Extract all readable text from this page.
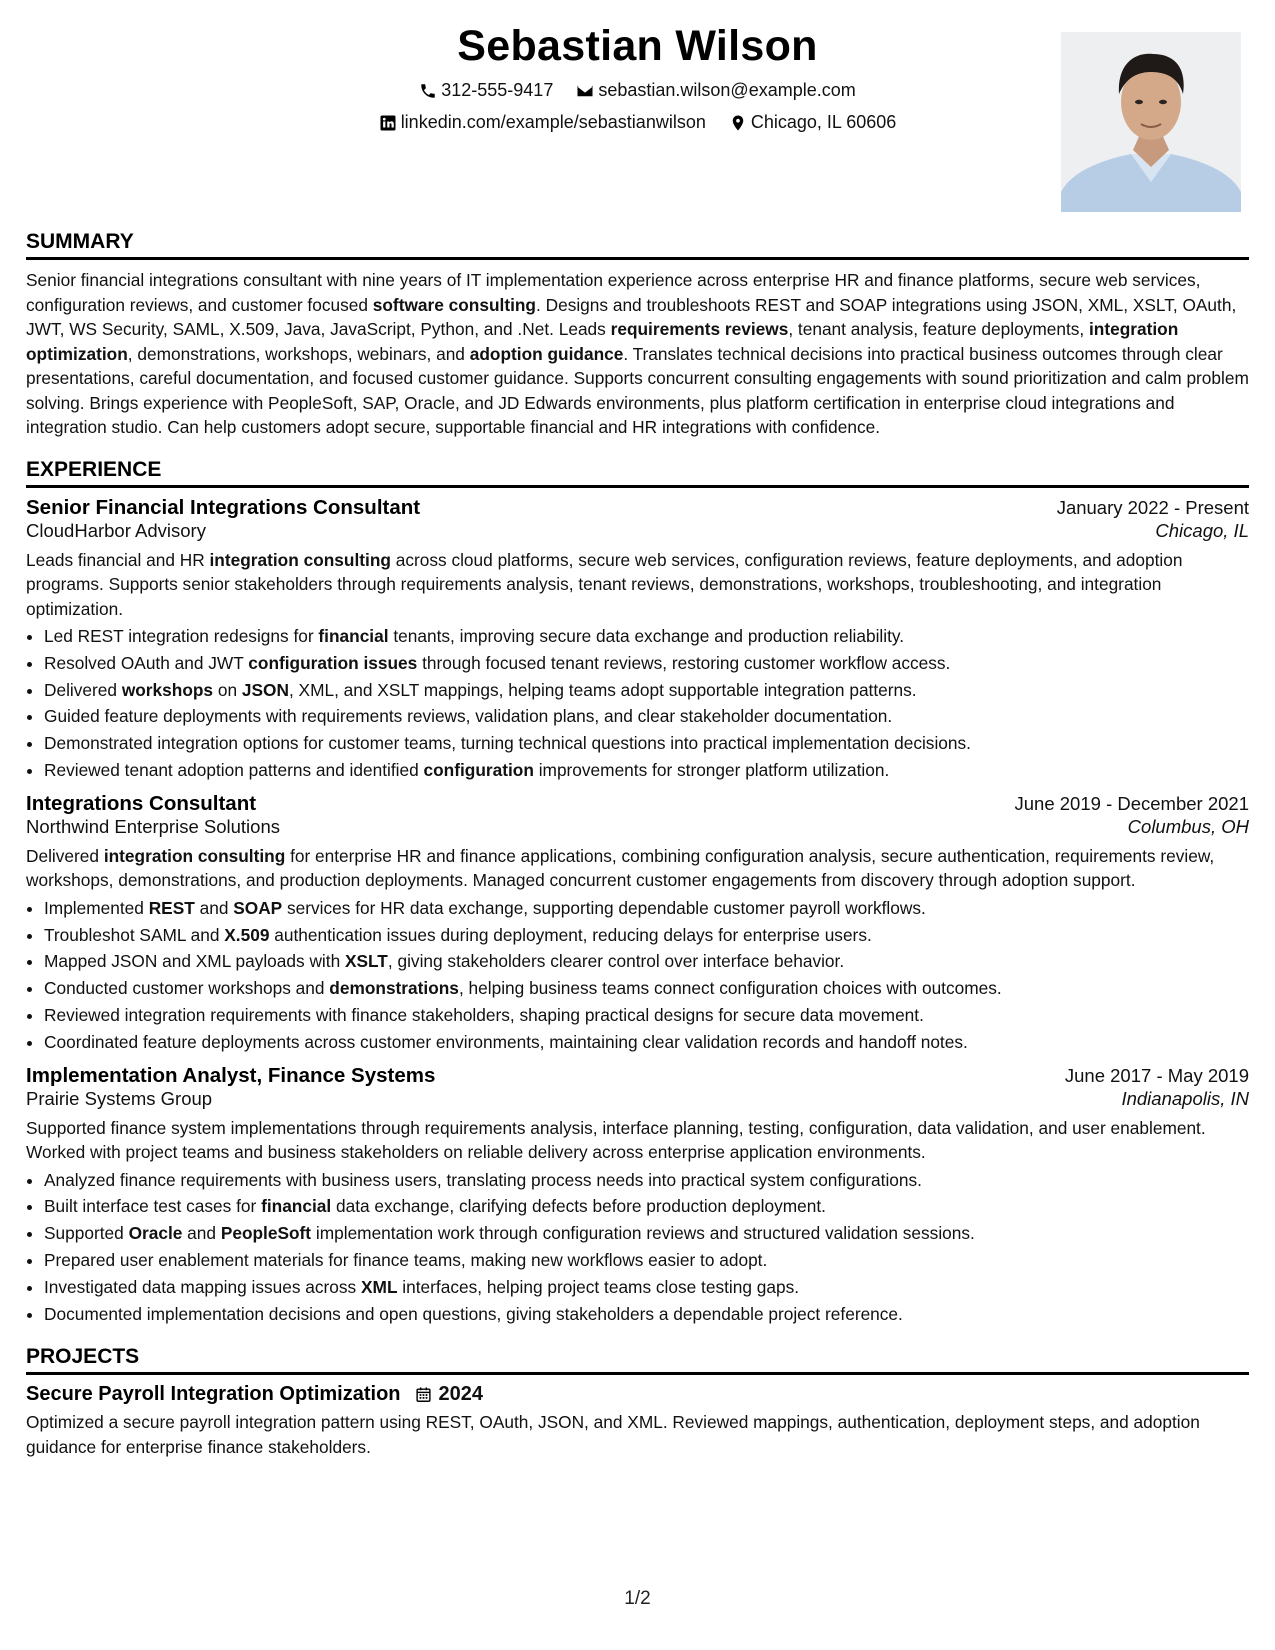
Sebastian Wilson
312-555-9417
	sebastian.wilson@example.com
linkedin.com/example/sebastianwilson
	Chicago, IL 60606
SUMMARY

Senior financial integrations consultant with nine years of IT implementation experience across enterprise HR and finance platforms, secure web services, configuration reviews, and customer focused software consulting. Designs and troubleshoots REST and SOAP integrations using JSON, XML, XSLT, OAuth, JWT, WS Security, SAML, X.509, Java, JavaScript, Python, and .Net. Leads requirements reviews, tenant analysis, feature deployments, integration optimization, demonstrations, workshops, webinars, and adoption guidance. Translates technical decisions into practical business outcomes through clear presentations, careful documentation, and focused customer guidance. Supports concurrent consulting engagements with sound prioritization and calm problem solving. Brings experience with PeopleSoft, SAP, Oracle, and JD Edwards environments, plus platform certification in enterprise cloud integrations and integration studio. Can help customers adopt secure, supportable financial and HR integrations with confidence.

EXPERIENCE
Senior Financial Integrations Consultant	January 2022 - Present
CloudHarbor Advisory	Chicago, IL

Leads financial and HR integration consulting across cloud platforms, secure web services, configuration reviews, feature deployments, and adoption programs. Supports senior stakeholders through requirements analysis, tenant reviews, demonstrations, workshops, troubleshooting, and integration optimization.

• Led REST integration redesigns for financial tenants, improving secure data exchange and production reliability.
• Resolved OAuth and JWT configuration issues through focused tenant reviews, restoring customer workflow access.
• Delivered workshops on JSON, XML, and XSLT mappings, helping teams adopt supportable integration patterns.
• Guided feature deployments with requirements reviews, validation plans, and clear stakeholder documentation.
• Demonstrated integration options for customer teams, turning technical questions into practical implementation decisions.
• Reviewed tenant adoption patterns and identified configuration improvements for stronger platform utilization.
Integrations Consultant	June 2019 - December 2021
Northwind Enterprise Solutions	Columbus, OH

Delivered integration consulting for enterprise HR and finance applications, combining configuration analysis, secure authentication, requirements review, workshops, demonstrations, and production deployments. Managed concurrent customer engagements from discovery through adoption support.

• Implemented REST and SOAP services for HR data exchange, supporting dependable customer payroll workflows.
• Troubleshot SAML and X.509 authentication issues during deployment, reducing delays for enterprise users.
• Mapped JSON and XML payloads with XSLT, giving stakeholders clearer control over interface behavior.
• Conducted customer workshops and demonstrations, helping business teams connect configuration choices with outcomes.
• Reviewed integration requirements with finance stakeholders, shaping practical designs for secure data movement.
• Coordinated feature deployments across customer environments, maintaining clear validation records and handoff notes.
Implementation Analyst, Finance Systems	June 2017 - May 2019
Prairie Systems Group	Indianapolis, IN

Supported finance system implementations through requirements analysis, interface planning, testing, configuration, data validation, and user enablement. Worked with project teams and business stakeholders on reliable delivery across enterprise application environments.

• Analyzed finance requirements with business users, translating process needs into practical system configurations.
• Built interface test cases for financial data exchange, clarifying defects before production deployment.
• Supported Oracle and PeopleSoft implementation work through configuration reviews and structured validation sessions.
• Prepared user enablement materials for finance teams, making new workflows easier to adopt.
• Investigated data mapping issues across XML interfaces, helping project teams close testing gaps.
• Documented implementation decisions and open questions, giving stakeholders a dependable project reference.
PROJECTS
Secure Payroll Integration Optimization 2024

Optimized a secure payroll integration pattern using REST, OAuth, JSON, and XML. Reviewed mappings, authentication, deployment steps, and adoption guidance for enterprise finance stakeholders.

1/2
